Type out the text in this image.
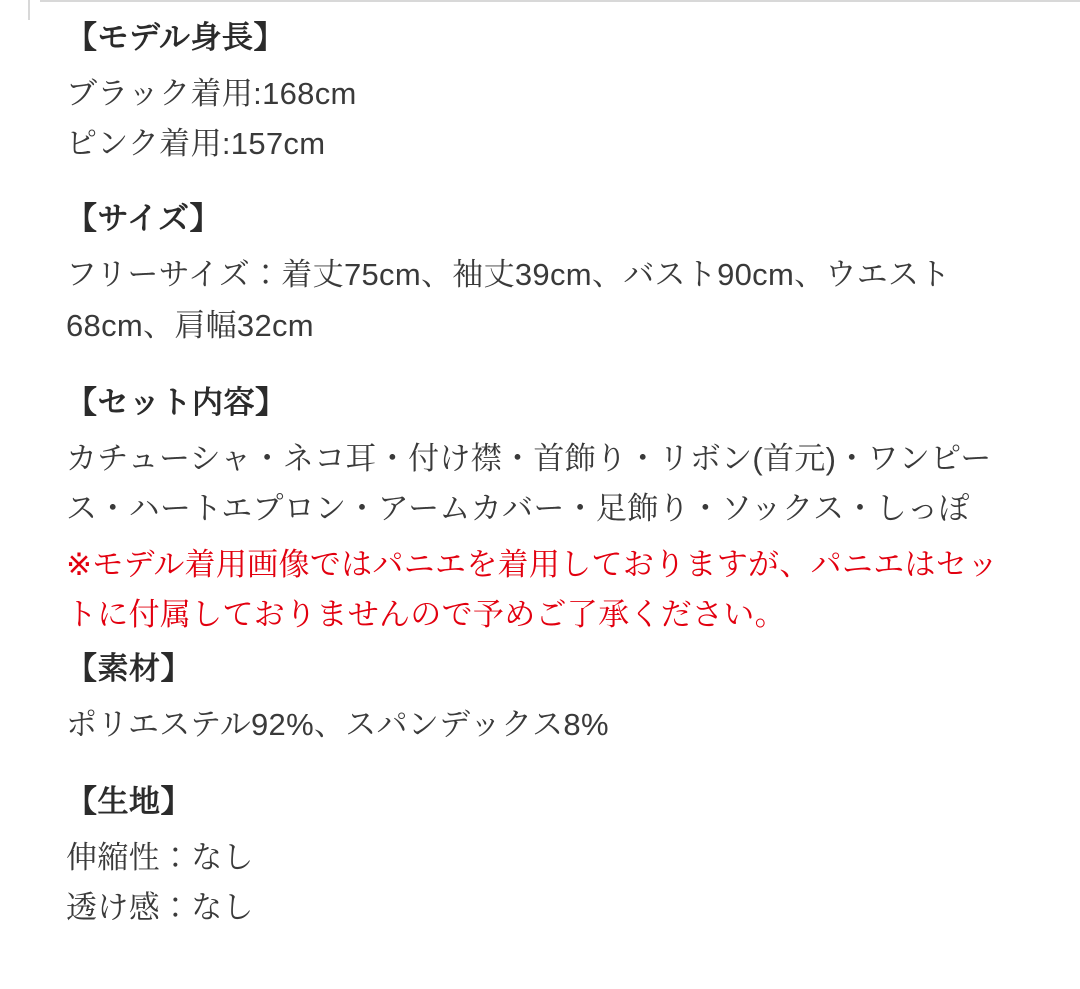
【モデル身長】

ブラック着用:168cm

ピンク着用:157cm

【サイズ】

フリーサイズ：着丈75cm、袖丈39cm、バスト90cm、ウエスト68cm、肩幅32cm

【セット内容】

カチューシャ・ネコ耳・付け襟・首飾り・リボン(首元)・ワンピース・ハートエプロン・アームカバー・足飾り・ソックス・しっぽ

※モデル着用画像ではパニエを着用しておりますが、パニエはセットに付属しておりませんので予めご了承ください。

【素材】

ポリエステル92%、スパンデックス8%

【生地】

伸縮性：なし

透け感：なし
